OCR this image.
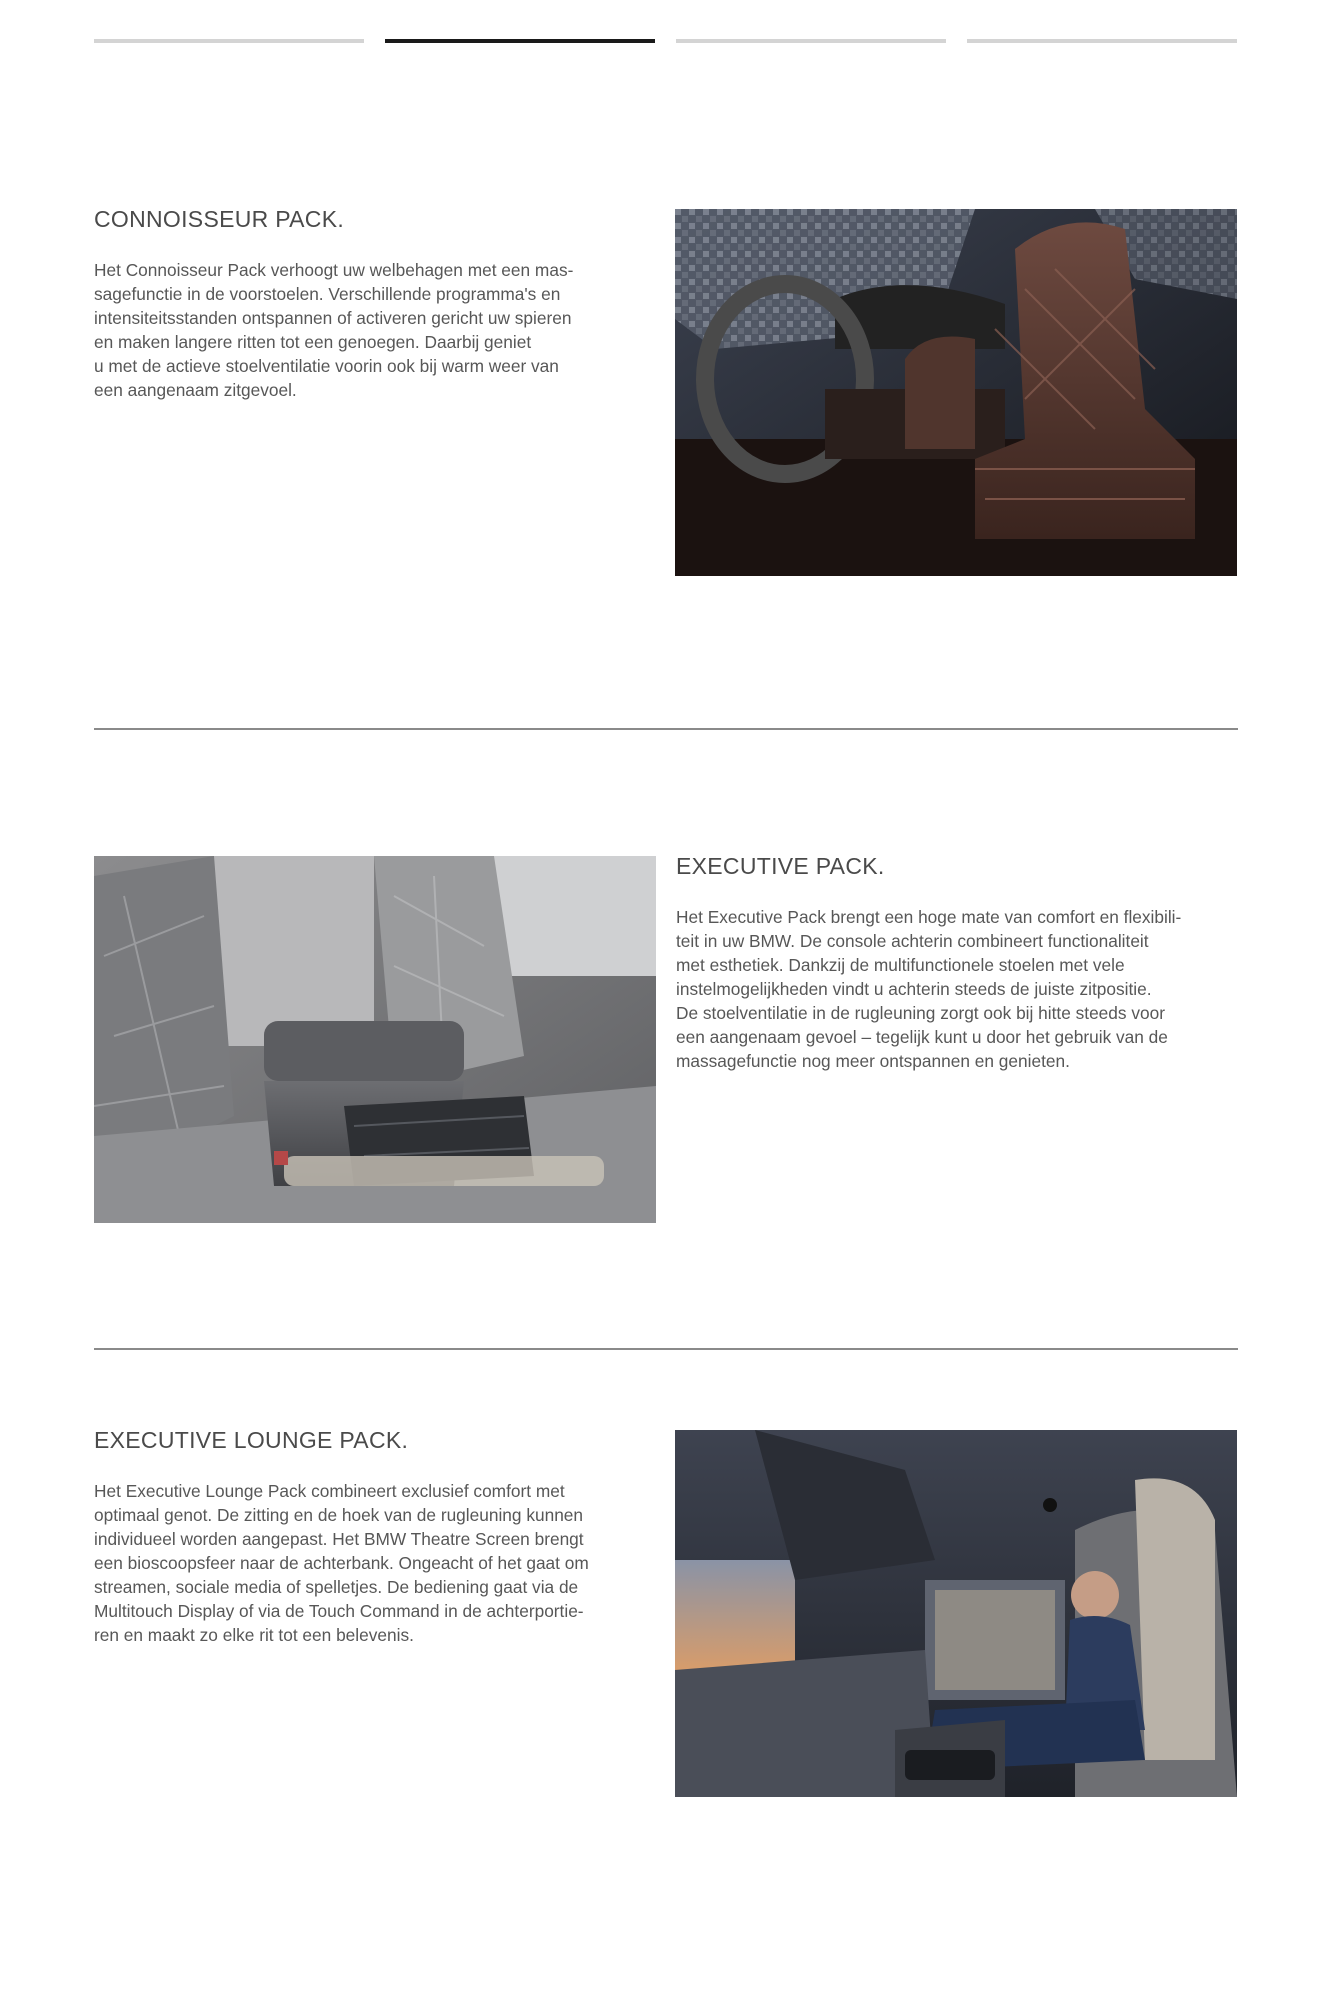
CONNOISSEUR PACK.

Het Connoisseur Pack verhoogt uw welbehagen met een mas-
sagefunctie in de voorstoelen. Verschillende programma's en
intensiteitsstanden ontspannen of activeren gericht uw spieren
en maken langere ritten tot een genoegen. Daarbij geniet
u met de actieve stoelventilatie voorin ook bij warm weer van
een aangenaam zitgevoel.

EXECUTIVE PACK.

Het Executive Pack brengt een hoge mate van comfort en flexibili-
teit in uw BMW. De console achterin combineert functionaliteit
met esthetiek. Dankzij de multifunctionele stoelen met vele
instelmogelijkheden vindt u achterin steeds de juiste zitpositie.
De stoelventilatie in de rugleuning zorgt ook bij hitte steeds voor
een aangenaam gevoel – tegelijk kunt u door het gebruik van de
massagefunctie nog meer ontspannen en genieten.

EXECUTIVE LOUNGE PACK.

Het Executive Lounge Pack combineert exclusief comfort met
optimaal genot. De zitting en de hoek van de rugleuning kunnen
individueel worden aangepast. Het BMW Theatre Screen brengt
een bioscoopsfeer naar de achterbank. Ongeacht of het gaat om
streamen, sociale media of spelletjes. De bediening gaat via de
Multitouch Display of via de Touch Command in de achterportie-
ren en maakt zo elke rit tot een belevenis.
